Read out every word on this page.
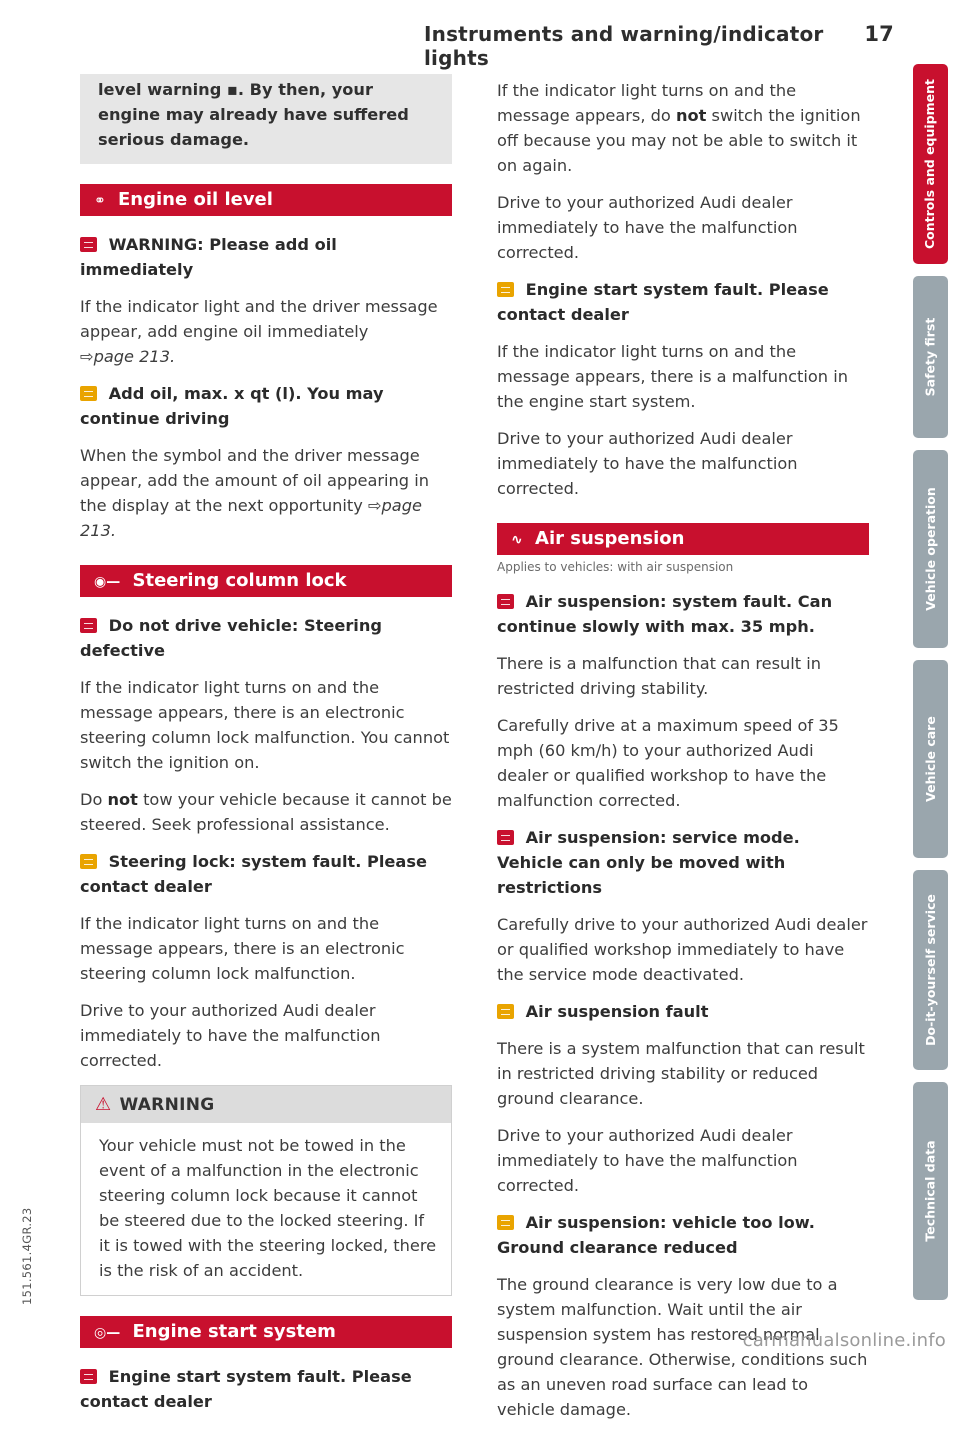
Instruments and warning/indicator lights
17
level warning ▪. By then, your engine may already have suffered serious damage.
⚭ Engine oil level
WARNING: Please add oil immediately

If the indicator light and the driver message appear, add engine oil immediately
⇨page 213.

Add oil, max. x qt (l). You may continue driving

When the symbol and the driver message appear, add the amount of oil appearing in the display at the next opportunity ⇨page 213.

◉— Steering column lock
Do not drive vehicle: Steering defective

If the indicator light turns on and the message appears, there is an electronic steering column lock malfunction. You cannot switch the ignition on.

Do not tow your vehicle because it cannot be steered. Seek professional assistance.

Steering lock: system fault. Please contact dealer

If the indicator light turns on and the message appears, there is an electronic steering column lock malfunction.

Drive to your authorized Audi dealer immediately to have the malfunction corrected.

⚠ WARNING
Your vehicle must not be towed in the event of a malfunction in the electronic steering column lock because it cannot be steered due to the locked steering. If it is towed with the steering locked, there is the risk of an accident.
◎— Engine start system
Engine start system fault. Please contact dealer

If the indicator light turns on and the message appears, do not switch the ignition off because you may not be able to switch it on again.

Drive to your authorized Audi dealer immediately to have the malfunction corrected.

Engine start system fault. Please contact dealer

If the indicator light turns on and the message appears, there is a malfunction in the engine start system.

Drive to your authorized Audi dealer immediately to have the malfunction corrected.

∿ Air suspension
Applies to vehicles: with air suspension
Air suspension: system fault. Can continue slowly with max. 35 mph.

There is a malfunction that can result in restricted driving stability.

Carefully drive at a maximum speed of 35 mph (60 km/h) to your authorized Audi dealer or qualified workshop to have the malfunction corrected.

Air suspension: service mode. Vehicle can only be moved with restrictions

Carefully drive to your authorized Audi dealer or qualified workshop immediately to have the service mode deactivated.

Air suspension fault

There is a system malfunction that can result in restricted driving stability or reduced ground clearance.

Drive to your authorized Audi dealer immediately to have the malfunction corrected.

Air suspension: vehicle too low. Ground clearance reduced

The ground clearance is very low due to a system malfunction. Wait until the air suspension system has restored normal ground clearance. Otherwise, conditions such as an uneven road surface can lead to vehicle damage.

Controls and equipment
Safety first
Vehicle operation
Vehicle care
Do-it-yourself service
Technical data
151.561.4GR.23
carmanualsonline.info
